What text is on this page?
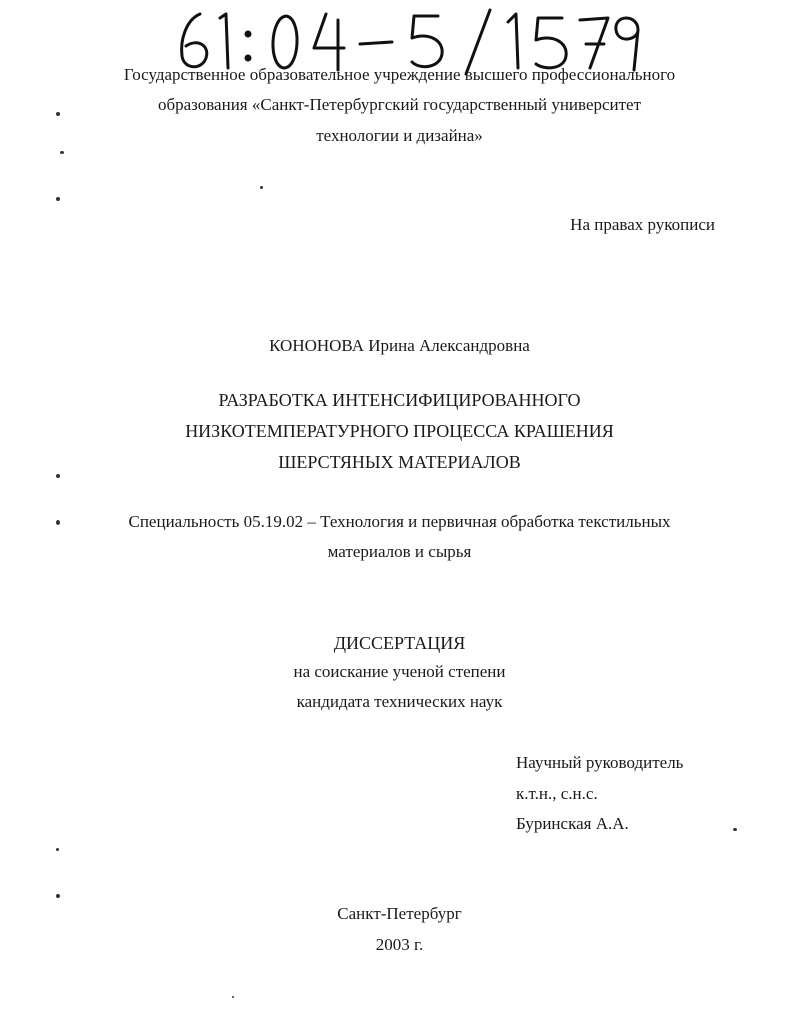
Государственное образовательное учреждение высшего профессионального
образования «Санкт-Петербургский государственный университет
технологии и дизайна»
На правах рукописи
КОНОНОВА Ирина Александровна
РАЗРАБОТКА ИНТЕНСИФИЦИРОВАННОГО
НИЗКОТЕМПЕРАТУРНОГО ПРОЦЕССА КРАШЕНИЯ
ШЕРСТЯНЫХ МАТЕРИАЛОВ
Специальность 05.19.02 – Технология и первичная обработка текстильных
материалов и сырья
ДИССЕРТАЦИЯ
на соискание ученой степени
кандидата технических наук
Научный руководитель
к.т.н., с.н.с.
Буринская А.А.
Санкт-Петербург
2003 г.
